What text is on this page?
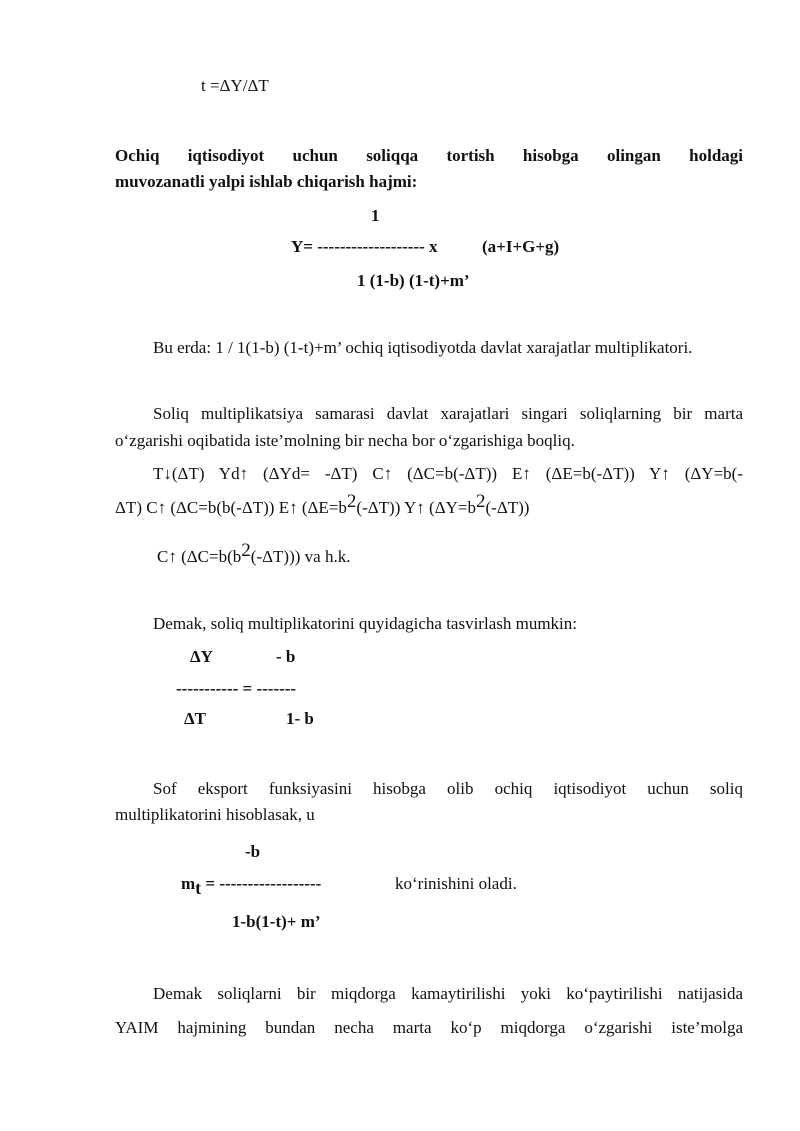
t =ΔY/ΔT
Ochiq iqtisodiyot uchun soliqqa tortish hisobga olingan holdagi
muvozanatli yalpi ishlab chiqarish hajmi:
1
Y= ------------------- x	(a+I+G+g)
1 (1-b) (1-t)+m’
Bu erda: 1 / 1(1-b) (1-t)+m’ ochiq iqtisodiyotda davlat xarajatlar multiplikatori.
Soliq multiplikatsiya samarasi davlat xarajatlari singari soliqlarning bir marta
o‘zgarishi oqibatida iste’molning bir necha bor o‘zgarishiga boqliq.
T↓(ΔT) Yd↑ (ΔYd= -ΔT) C↑ (ΔC=b(-ΔT)) E↑ (ΔE=b(-ΔT)) Y↑ (ΔY=b(-
ΔT) C↑ (ΔC=b(b(-ΔT)) E↑ $(\Delta E=b^2(-\Delta T))$ Y↑ $(\Delta Y=b^2(-\Delta T))$
C↑ $(\Delta C=b(b^2(-\Delta T)))$ va h.k.
Demak, soliq multiplikatorini quyidagicha tasvirlash mumkin:
ΔY	- b
----------- = -------
ΔT	1- b
Sof eksport funksiyasini hisobga olib ochiq iqtisodiyot uchun soliq
multiplikatorini hisoblasak, u
-b
$m_t$ = ------------------	ko‘rinishini oladi.
1-b(1-t)+ m’
Demak soliqlarni bir miqdorga kamaytirilishi yoki ko‘paytirilishi natijasida
YAIM hajmining bundan necha marta ko‘p miqdorga o‘zgarishi iste’molga
